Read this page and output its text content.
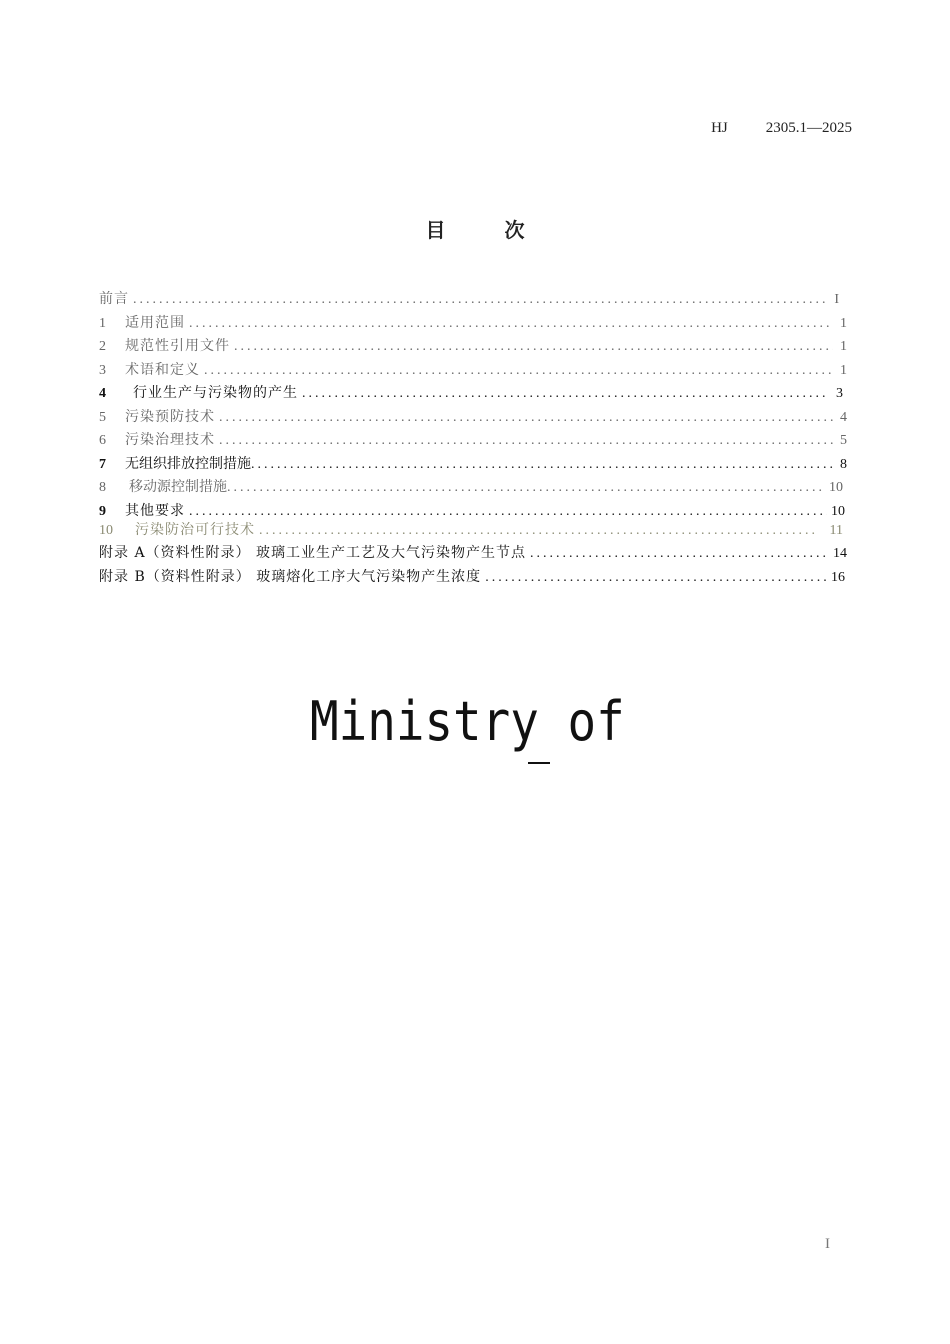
HJ	2305.1—2025
目	次
前言 .....	I
1	适用范围 .....	1
2	规范性引用文件 .....	1
3	术语和定义 .....	1
4	行业生产与污染物的产生 .....	3
5	污染预防技术 .....	4
6	污染治理技术 .....	5
7	无组织排放控制措施 .....	8
8	移动源控制措施 .....	10
9	其他要求 .....	10
10	污染防治可行技术 .....	11
附录 A（资料性附录） 玻璃工业生产工艺及大气污染物产生节点 .....	14
附录 B（资料性附录） 玻璃熔化工序大气污染物产生浓度 .....	16
Ministry of
I
